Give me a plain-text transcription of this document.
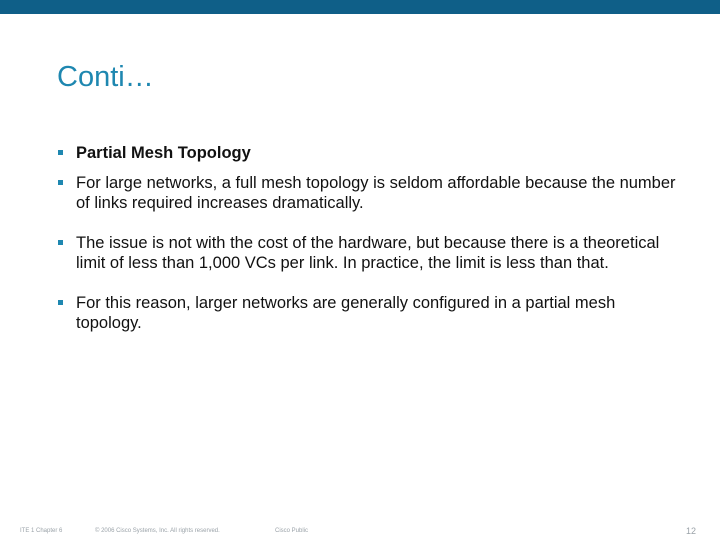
Conti…
Partial Mesh Topology
For large networks, a full mesh topology is seldom affordable because the number of links required increases dramatically.
The issue is not with the cost of the hardware, but because there is a theoretical limit of less than 1,000 VCs per link. In practice, the limit is less than that.
For this reason, larger networks are generally configured in a partial mesh topology.
ITE 1 Chapter 6	© 2006 Cisco Systems, Inc. All rights reserved.	Cisco Public	12
